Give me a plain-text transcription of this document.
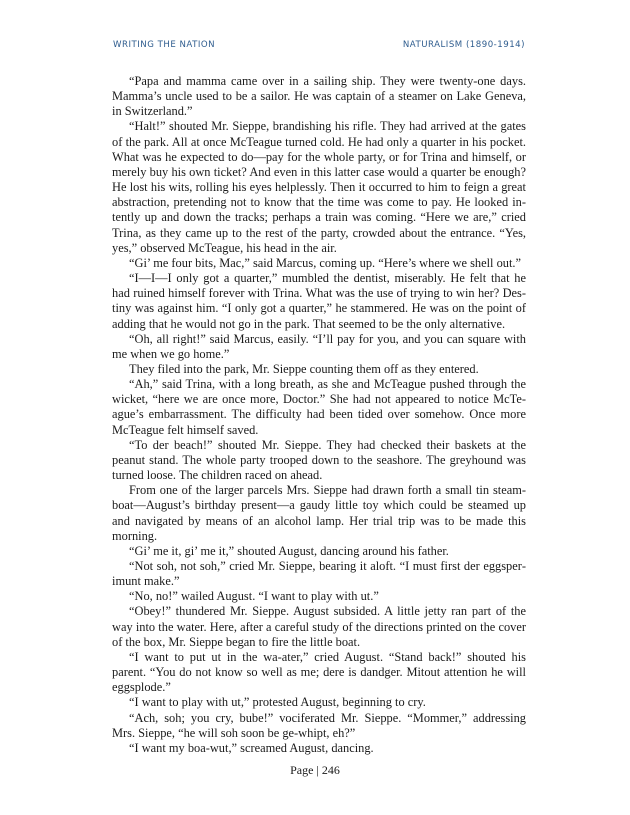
WRITING THE NATION	NATURALISM (1890-1914)

“Papa and mamma came over in a sailing ship. They were twenty-one days. Mamma’s uncle used to be a sailor. He was captain of a steamer on Lake Geneva, in Switzerland.”

“Halt!” shouted Mr. Sieppe, brandishing his rifle. They had arrived at the gates of the park. All at once McTeague turned cold. He had only a quarter in his pocket. What was he expected to do—pay for the whole party, or for Trina and himself, or merely buy his own ticket? And even in this latter case would a quarter be enough? He lost his wits, rolling his eyes helplessly. Then it occurred to him to feign a great abstraction, pretending not to know that the time was come to pay. He looked intently up and down the tracks; perhaps a train was coming. “Here we are,” cried Trina, as they came up to the rest of the party, crowded about the entrance. “Yes, yes,” observed McTeague, his head in the air.

“Gi’ me four bits, Mac,” said Marcus, coming up. “Here’s where we shell out.”

“I—I—I only got a quarter,” mumbled the dentist, miserably. He felt that he had ruined himself forever with Trina. What was the use of trying to win her? Destiny was against him. “I only got a quarter,” he stammered. He was on the point of adding that he would not go in the park. That seemed to be the only alternative.

“Oh, all right!” said Marcus, easily. “I’ll pay for you, and you can square with me when we go home.”

They filed into the park, Mr. Sieppe counting them off as they entered.

“Ah,” said Trina, with a long breath, as she and McTeague pushed through the wicket, “here we are once more, Doctor.” She had not appeared to notice McTeague’s embarrassment. The difficulty had been tided over somehow. Once more McTeague felt himself saved.

“To der beach!” shouted Mr. Sieppe. They had checked their baskets at the peanut stand. The whole party trooped down to the seashore. The greyhound was turned loose. The children raced on ahead.

From one of the larger parcels Mrs. Sieppe had drawn forth a small tin steamboat—August’s birthday present—a gaudy little toy which could be steamed up and navigated by means of an alcohol lamp. Her trial trip was to be made this morning.

“Gi’ me it, gi’ me it,” shouted August, dancing around his father.

“Not soh, not soh,” cried Mr. Sieppe, bearing it aloft. “I must first der eggsperimunt make.”

“No, no!” wailed August. “I want to play with ut.”

“Obey!” thundered Mr. Sieppe. August subsided. A little jetty ran part of the way into the water. Here, after a careful study of the directions printed on the cover of the box, Mr. Sieppe began to fire the little boat.

“I want to put ut in the wa-ater,” cried August. “Stand back!” shouted his parent. “You do not know so well as me; dere is dandger. Mitout attention he will eggsplode.”

“I want to play with ut,” protested August, beginning to cry.

“Ach, soh; you cry, bube!” vociferated Mr. Sieppe. “Mommer,” addressing Mrs. Sieppe, “he will soh soon be ge-whipt, eh?”

“I want my boa-wut,” screamed August, dancing.

Page | 246
